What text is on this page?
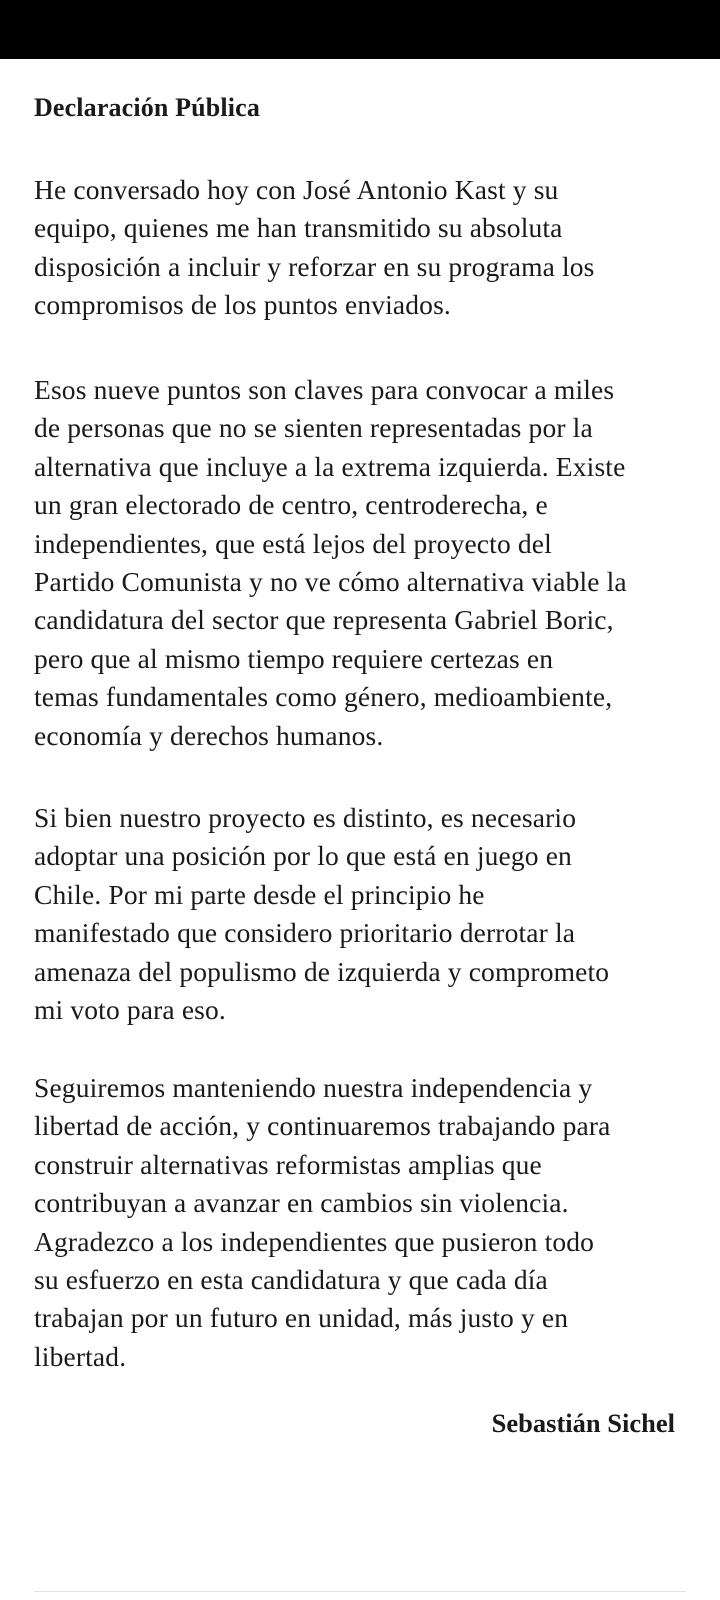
Declaración Pública

He conversado hoy con José Antonio Kast y su
equipo, quienes me han transmitido su absoluta
disposición a incluir y reforzar en su programa los
compromisos de los puntos enviados.

Esos nueve puntos son claves para convocar a miles
de personas que no se sienten representadas por la
alternativa que incluye a la extrema izquierda. Existe
un gran electorado de centro, centroderecha, e
independientes, que está lejos del proyecto del
Partido Comunista y no ve cómo alternativa viable la
candidatura del sector que representa Gabriel Boric,
pero que al mismo tiempo requiere certezas en
temas fundamentales como género, medioambiente,
economía y derechos humanos.

Si bien nuestro proyecto es distinto, es necesario
adoptar una posición por lo que está en juego en
Chile. Por mi parte desde el principio he
manifestado que considero prioritario derrotar la
amenaza del populismo de izquierda y comprometo
mi voto para eso.

Seguiremos manteniendo nuestra independencia y
libertad de acción, y continuaremos trabajando para
construir alternativas reformistas amplias que
contribuyan a avanzar en cambios sin violencia.
Agradezco a los independientes que pusieron todo
su esfuerzo en esta candidatura y que cada día
trabajan por un futuro en unidad, más justo y en
libertad.

Sebastián Sichel
